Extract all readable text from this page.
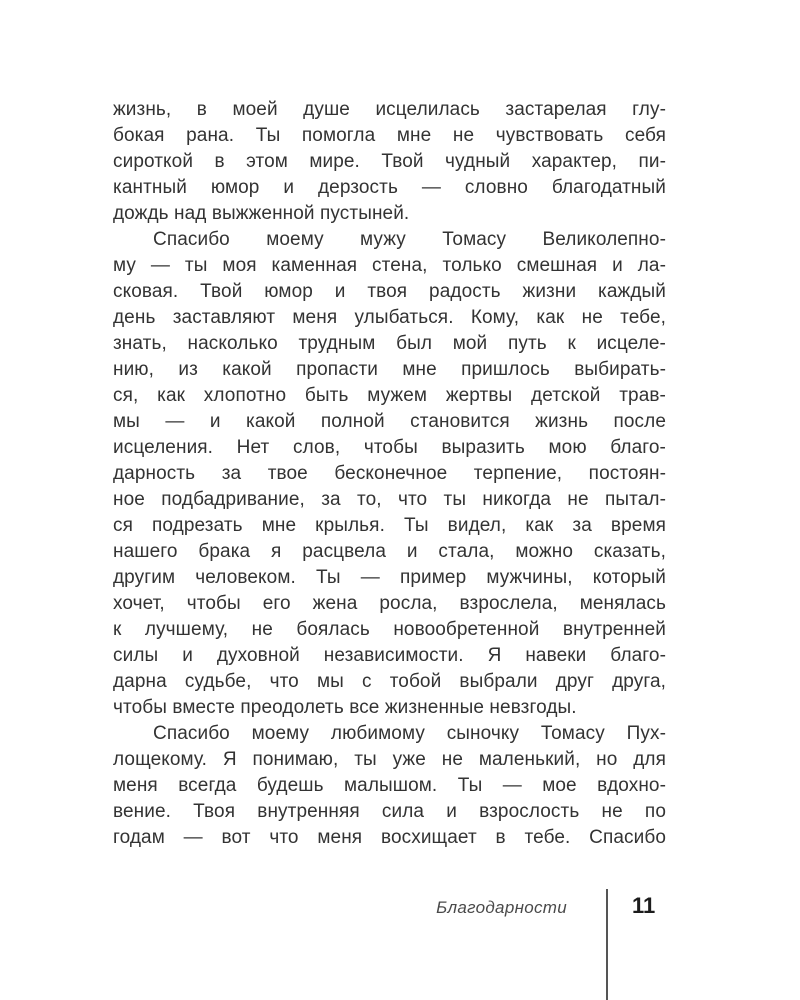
жизнь, в моей душе исцелилась застарелая глу-
бокая рана. Ты помогла мне не чувствовать себя
сироткой в этом мире. Твой чудный характер, пи-
кантный юмор и дерзость — словно благодатный
дождь над выжженной пустыней.
Спасибо моему мужу Томасу Великолепно-
му — ты моя каменная стена, только смешная и ла-
сковая. Твой юмор и твоя радость жизни каждый
день заставляют меня улыбаться. Кому, как не тебе,
знать, насколько трудным был мой путь к исцеле-
нию, из какой пропасти мне пришлось выбирать-
ся, как хлопотно быть мужем жертвы детской трав-
мы — и какой полной становится жизнь после
исцеления. Нет слов, чтобы выразить мою благо-
дарность за твое бесконечное терпение, постоян-
ное подбадривание, за то, что ты никогда не пытал-
ся подрезать мне крылья. Ты видел, как за время
нашего брака я расцвела и стала, можно сказать,
другим человеком. Ты — пример мужчины, который
хочет, чтобы его жена росла, взрослела, менялась
к лучшему, не боялась новообретенной внутренней
силы и духовной независимости. Я навеки благо-
дарна судьбе, что мы с тобой выбрали друг друга,
чтобы вместе преодолеть все жизненные невзгоды.
Спасибо моему любимому сыночку Томасу Пух-
лощекому. Я понимаю, ты уже не маленький, но для
меня всегда будешь малышом. Ты — мое вдохно-
вение. Твоя внутренняя сила и взрослость не по
годам — вот что меня восхищает в тебе. Спасибо
Благодарности	11
